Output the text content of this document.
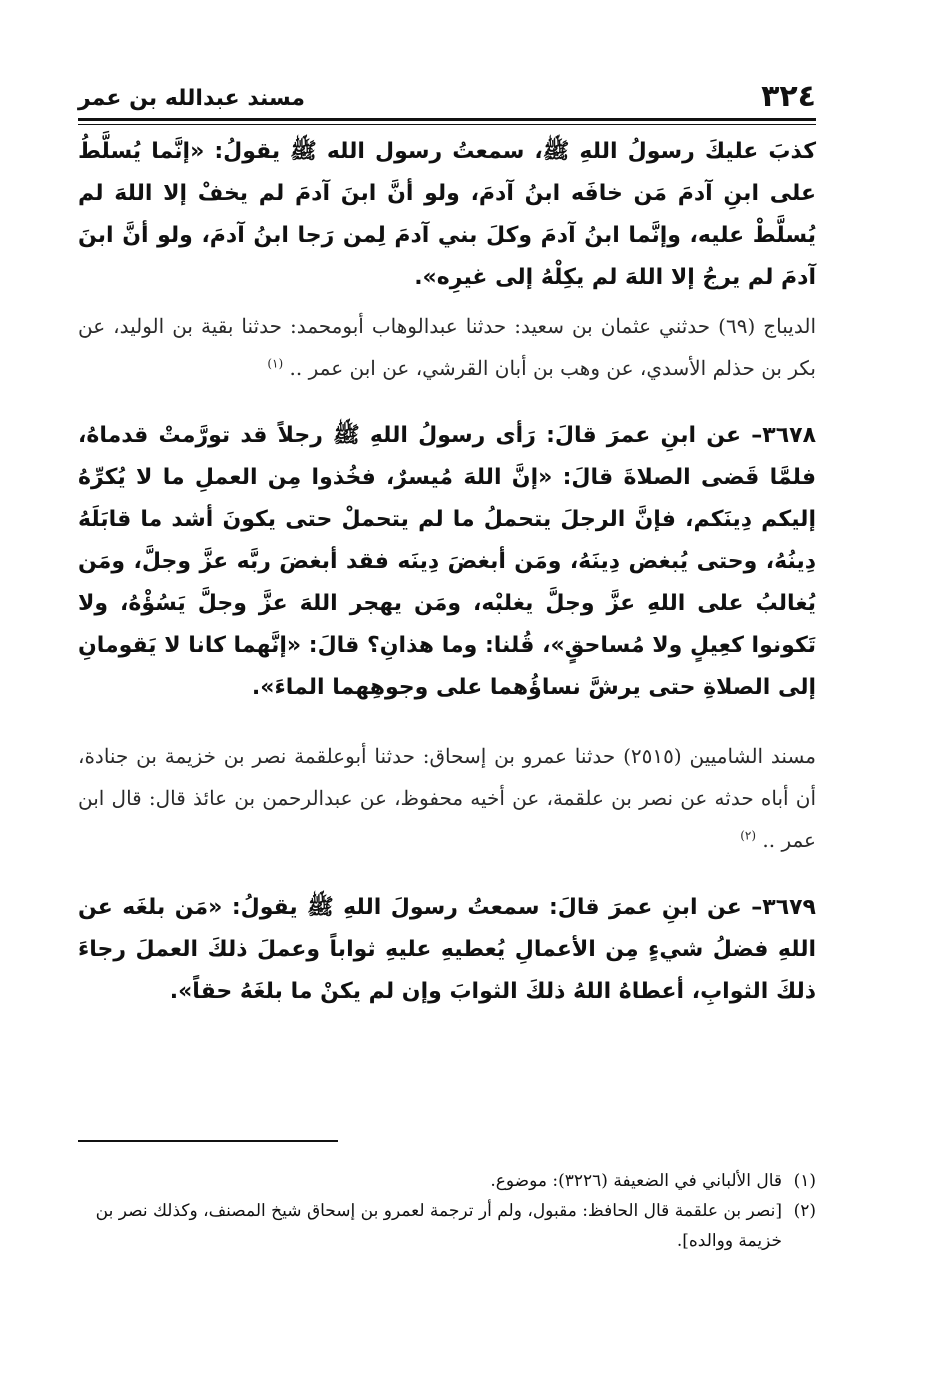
٣٢٤
مسند عبدالله بن عمر

كذبَ عليكَ رسولُ اللهِ ﷺ، سمعتُ رسول الله ﷺ يقولُ: «إنَّما يُسلَّطُ على ابنِ آدمَ مَن خافَه ابنُ آدمَ، ولو أنَّ ابنَ آدمَ لم يخفْ إلا اللهَ لم يُسلَّطْ عليه، وإنَّما ابنُ آدمَ وكلَ بني آدمَ لِمن رَجا ابنُ آدمَ، ولو أنَّ ابنَ آدمَ لم يرجُ إلا اللهَ لم يكِلْهُ إلى غيرِه».

الديباج (٦٩) حدثني عثمان بن سعيد: حدثنا عبدالوهاب أبومحمد: حدثنا بقية بن الوليد، عن بكر بن حذلم الأسدي، عن وهب بن أبان القرشي، عن ابن عمر .. $^{(١)}$

٣٦٧٨– عن ابنِ عمرَ قالَ: رَأى رسولُ اللهِ ﷺ رجلاً قد تورَّمتْ قدماهُ، فلمَّا قَضى الصلاةَ قالَ: «إنَّ اللهَ مُيسرٌ، فخُذوا مِن العملِ ما لا يُكرِّهُ إليكم دِينَكم، فإنَّ الرجلَ يتحملُ ما لم يتحملْ حتى يكونَ أشد ما قابَلَهُ دِينُهُ، وحتى يُبغض دِينَهُ، ومَن أبغضَ دِينَه فقد أبغضَ ربَّه عزَّ وجلَّ، ومَن يُغالبُ على اللهِ عزَّ وجلَّ يغلبْه، ومَن يهجر اللهَ عزَّ وجلَّ يَسُؤْهُ، ولا تَكونوا كعِيلٍ ولا مُساحقٍ»، قُلنا: وما هذانِ؟ قالَ: «إنَّهما كانا لا يَقومانِ إلى الصلاةِ حتى يرشَّ نساؤُهما على وجوهِهما الماءَ».

مسند الشاميين (٢٥١٥) حدثنا عمرو بن إسحاق: حدثنا أبوعلقمة نصر بن خزيمة بن جنادة، أن أباه حدثه عن نصر بن علقمة، عن أخيه محفوظ، عن عبدالرحمن بن عائذ قال: قال ابن عمر .. $^{(٢)}$

٣٦٧٩– عن ابنِ عمرَ قالَ: سمعتُ رسولَ اللهِ ﷺ يقولُ: «مَن بلغَه عن اللهِ فضلُ شيءٍ مِن الأعمالِ يُعطيهِ عليهِ ثواباً وعملَ ذلكَ العملَ رجاءَ ذلكَ الثوابِ، أعطاهُ اللهُ ذلكَ الثوابَ وإن لم يكنْ ما بلغَهُ حقاً».

(١)قال الألباني في الضعيفة (٣٢٢٦): موضوع.

(٢)[نصر بن علقمة قال الحافظ: مقبول، ولم أر ترجمة لعمرو بن إسحاق شيخ المصنف، وكذلك نصر بن خزيمة ووالده].
